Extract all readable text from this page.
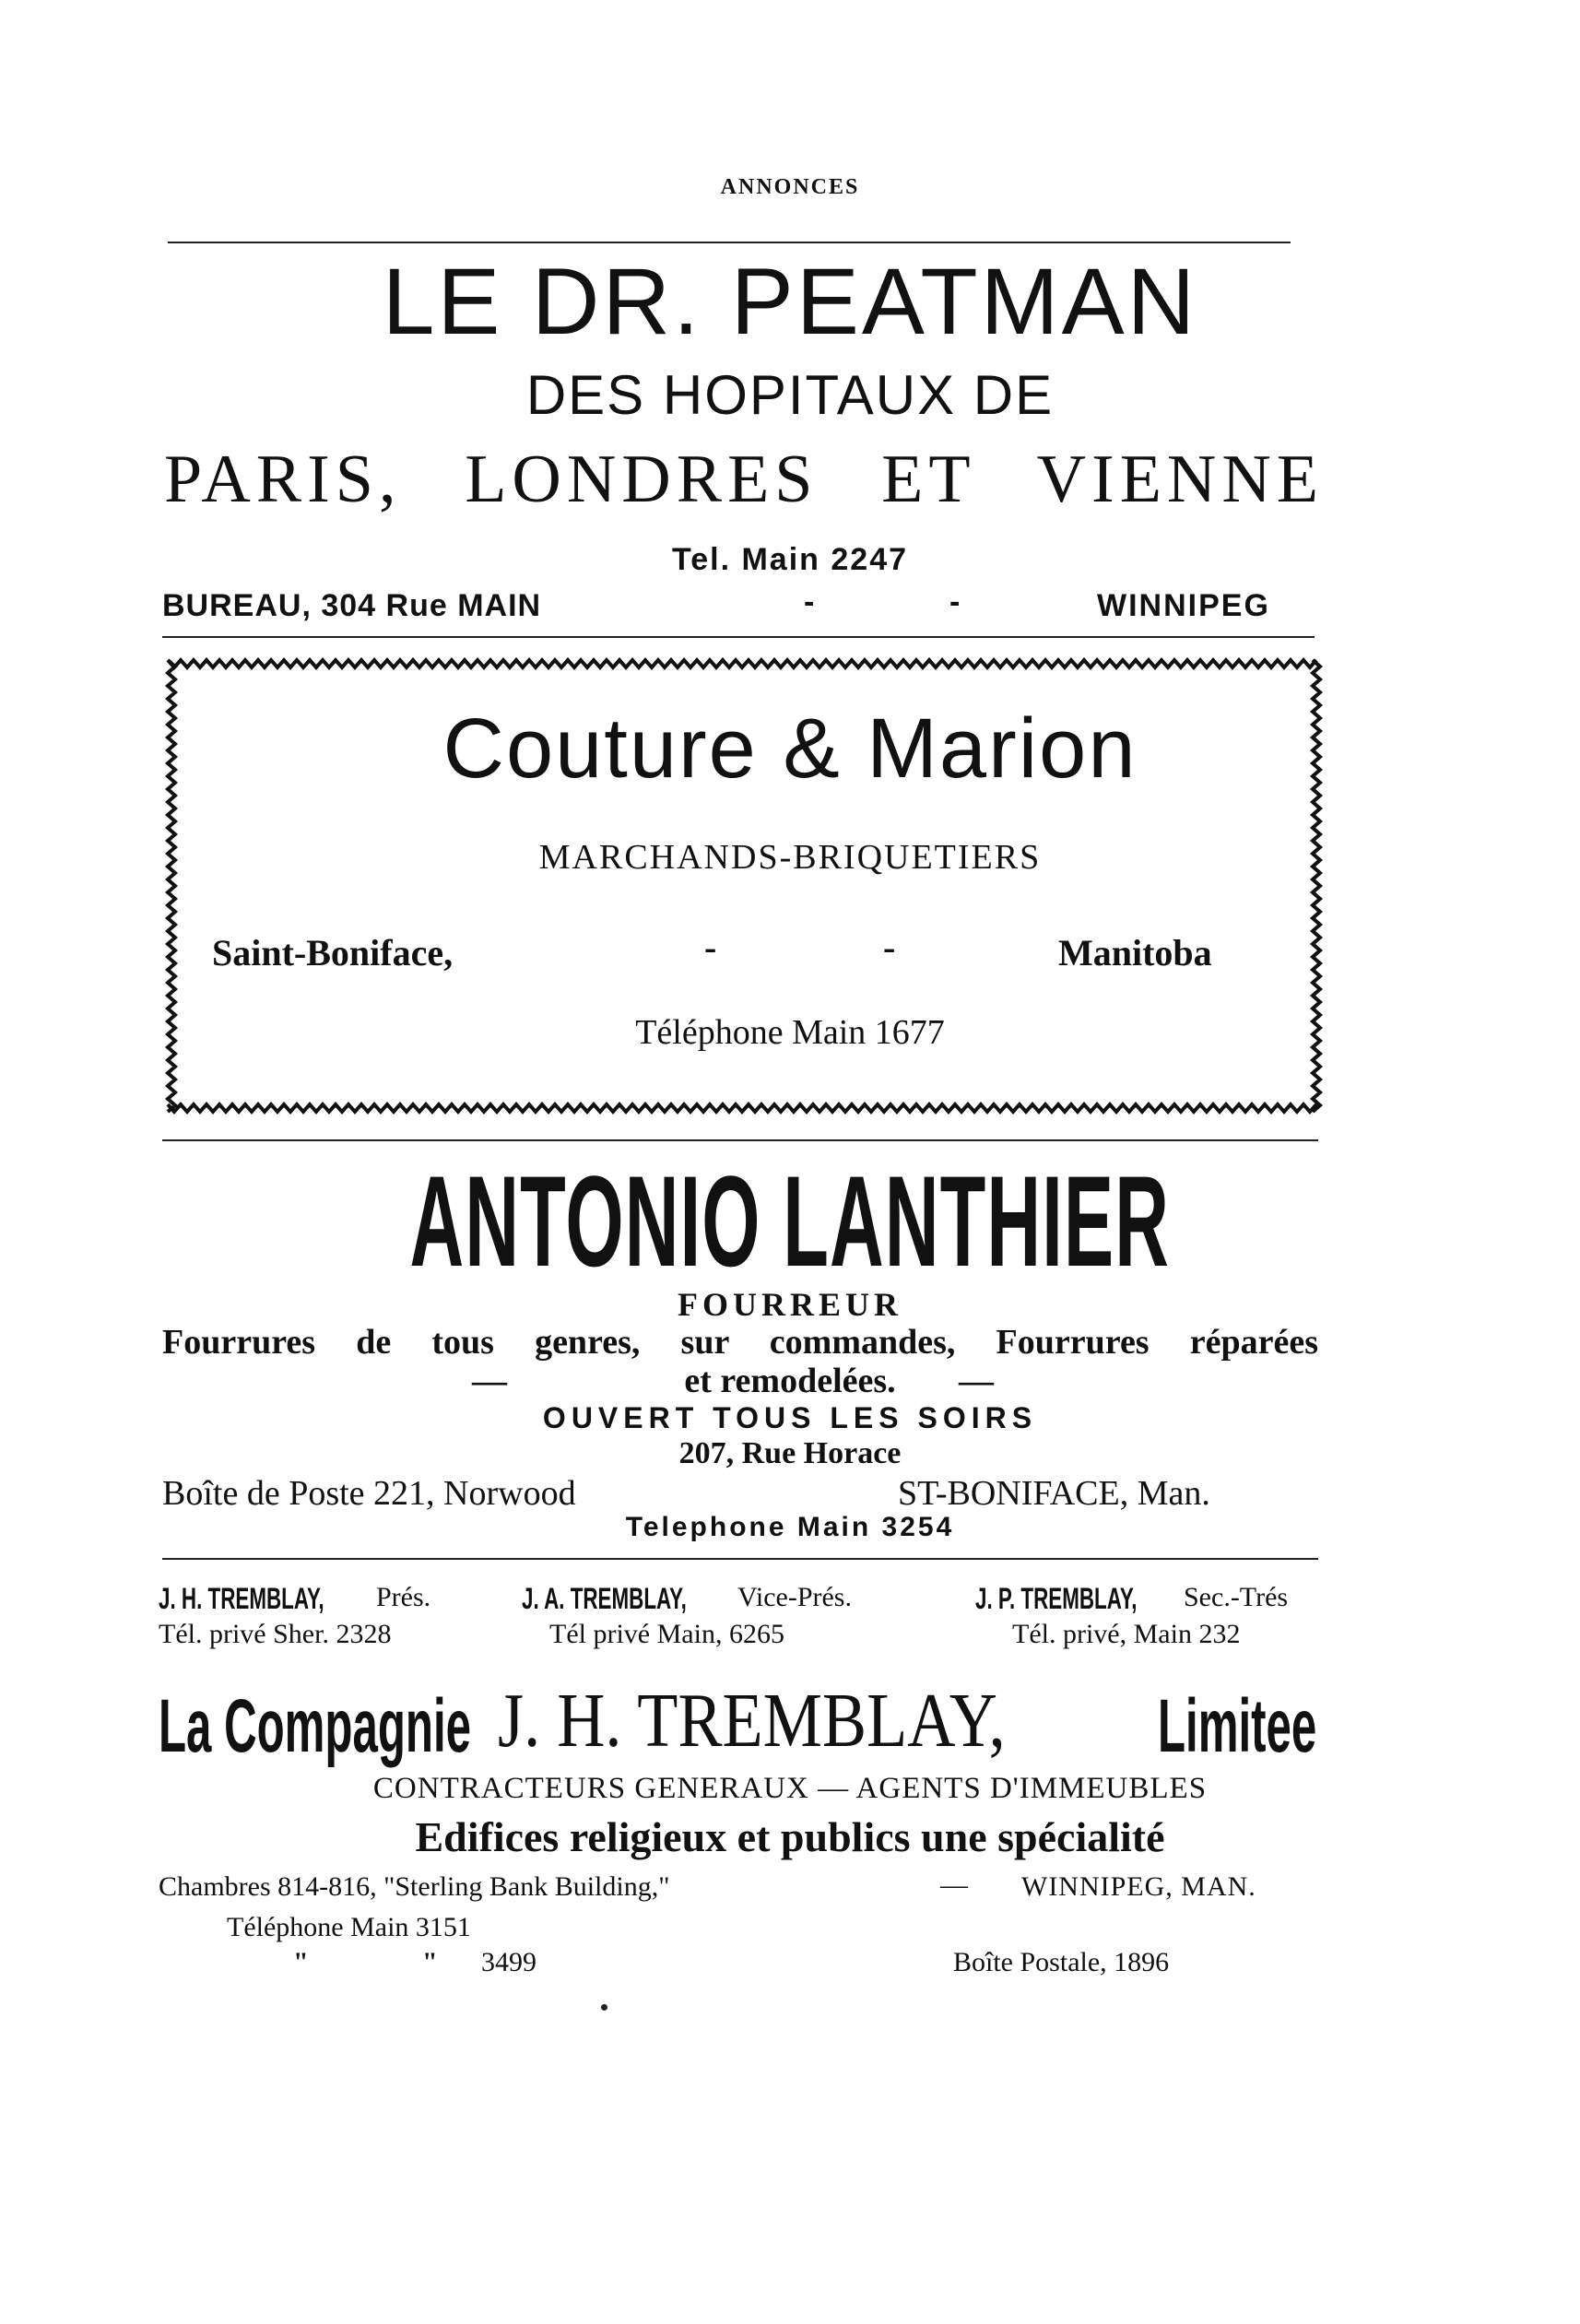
ANNONCES
LE DR. PEATMAN
DES HOPITAUX DE
PARIS, LONDRES ET VIENNE
Tel. Main 2247
BUREAU, 304 Rue MAIN	-	-	WINNIPEG
Couture & Marion
MARCHANDS-BRIQUETIERS
Saint-Boniface,	-	-	Manitoba
Téléphone Main 1677
ANTONIO LANTHIER
FOURREUR
Fourrures de tous genres, sur commandes, Fourrures réparées
—	et remodelées.	—
OUVERT TOUS LES SOIRS
207, Rue Horace
Boîte de Poste 221, Norwood	ST-BONIFACE, Man.
Telephone Main 3254
J. H. TREMBLAY, Prés.
Tél. privé Sher. 2328
J. A. TREMBLAY, Vice-Prés.
Tél privé Main, 6265
J. P. TREMBLAY, Sec.-Trés
Tél. privé, Main 232
La Compagnie J. H. TREMBLAY, Limitee
CONTRACTEURS GENERAUX — AGENTS D'IMMEUBLES
Edifices religieux et publics une spécialité
Chambres 814-816, "Sterling Bank Building,"	— WINNIPEG, MAN.
Téléphone Main 3151
"	" 3499	Boîte Postale, 1896
